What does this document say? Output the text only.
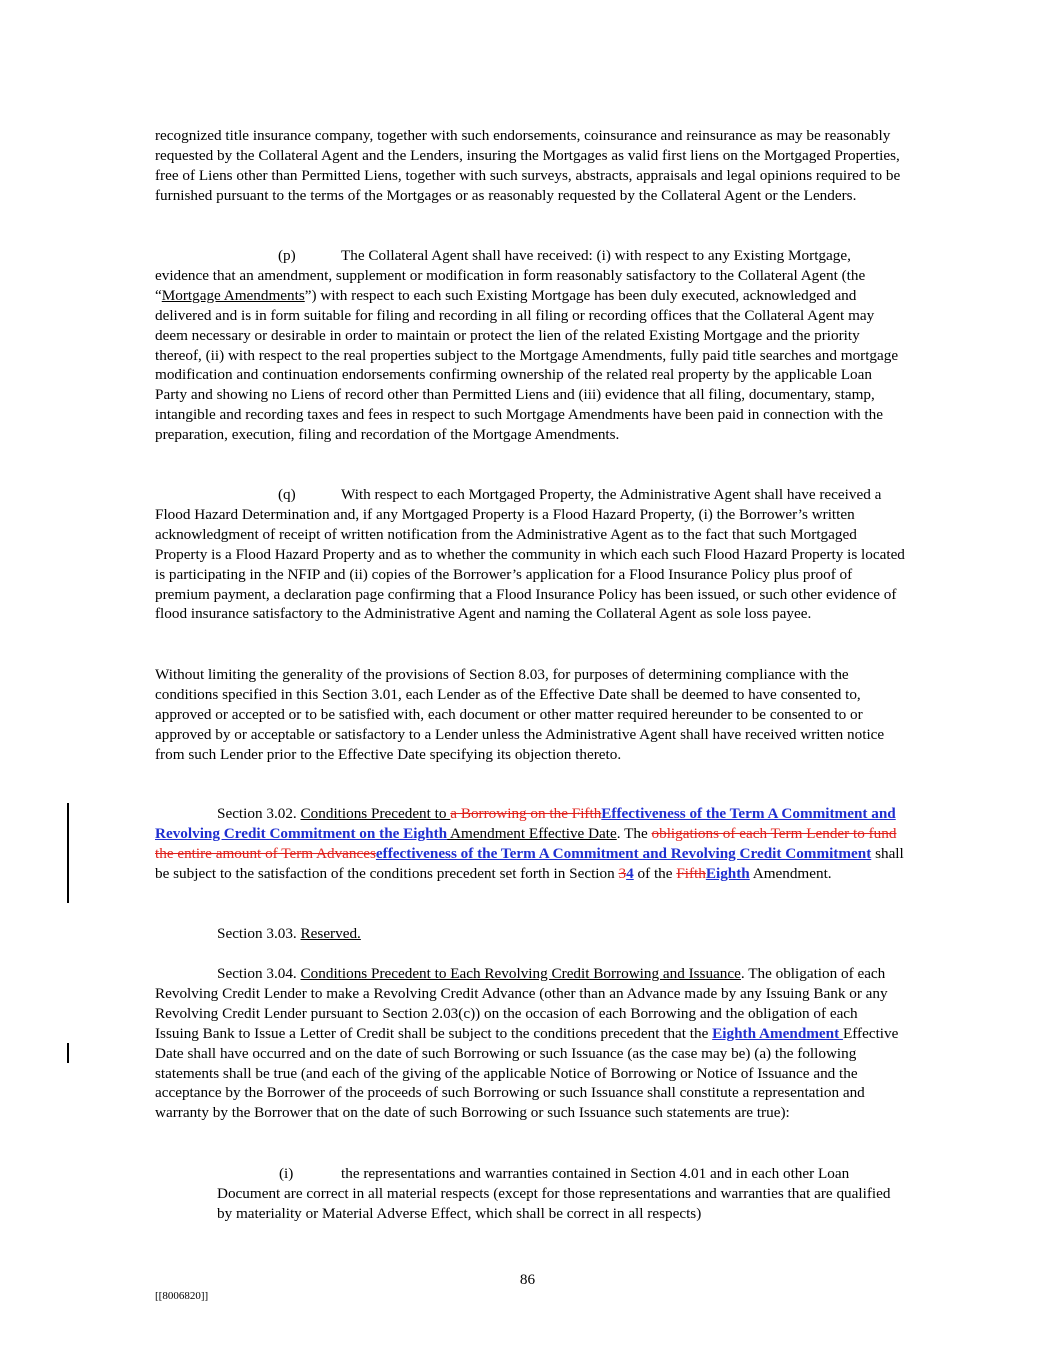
recognized title insurance company, together with such endorsements, coinsurance and reinsurance as may be reasonably requested by the Collateral Agent and the Lenders, insuring the Mortgages as valid first liens on the Mortgaged Properties, free of Liens other than Permitted Liens, together with such surveys, abstracts, appraisals and legal opinions required to be furnished pursuant to the terms of the Mortgages or as reasonably requested by the Collateral Agent or the Lenders.

(p)	The Collateral Agent shall have received: (i) with respect to any Existing Mortgage, evidence that an amendment, supplement or modification in form reasonably satisfactory to the Collateral Agent (the “Mortgage Amendments”) with respect to each such Existing Mortgage has been duly executed, acknowledged and delivered and is in form suitable for filing and recording in all filing or recording offices that the Collateral Agent may deem necessary or desirable in order to maintain or protect the lien of the related Existing Mortgage and the priority thereof, (ii) with respect to the real properties subject to the Mortgage Amendments, fully paid title searches and mortgage modification and continuation endorsements confirming ownership of the related real property by the applicable Loan Party and showing no Liens of record other than Permitted Liens and (iii) evidence that all filing, documentary, stamp, intangible and recording taxes and fees in respect to such Mortgage Amendments have been paid in connection with the preparation, execution, filing and recordation of the Mortgage Amendments.

(q)	With respect to each Mortgaged Property, the Administrative Agent shall have received a Flood Hazard Determination and, if any Mortgaged Property is a Flood Hazard Property, (i) the Borrower’s written acknowledgment of receipt of written notification from the Administrative Agent as to the fact that such Mortgaged Property is a Flood Hazard Property and as to whether the community in which each such Flood Hazard Property is located is participating in the NFIP and (ii) copies of the Borrower’s application for a Flood Insurance Policy plus proof of premium payment, a declaration page confirming that a Flood Insurance Policy has been issued, or such other evidence of flood insurance satisfactory to the Administrative Agent and naming the Collateral Agent as sole loss payee.

Without limiting the generality of the provisions of Section 8.03, for purposes of determining compliance with the conditions specified in this Section 3.01, each Lender as of the Effective Date shall be deemed to have consented to, approved or accepted or to be satisfied with, each document or other matter required hereunder to be consented to or approved by or acceptable or satisfactory to a Lender unless the Administrative Agent shall have received written notice from such Lender prior to the Effective Date specifying its objection thereto.

Section 3.02. Conditions Precedent to a Borrowing on the FifthEffectiveness of the Term A Commitment and Revolving Credit Commitment on the Eighth Amendment Effective Date. The obligations of each Term Lender to fund the entire amount of Term Advanceseffectiveness of the Term A Commitment and Revolving Credit Commitment shall be subject to the satisfaction of the conditions precedent set forth in Section 34 of the FifthEighth Amendment.

Section 3.03. Reserved.

Section 3.04. Conditions Precedent to Each Revolving Credit Borrowing and Issuance. The obligation of each Revolving Credit Lender to make a Revolving Credit Advance (other than an Advance made by any Issuing Bank or any Revolving Credit Lender pursuant to Section 2.03(c)) on the occasion of each Borrowing and the obligation of each Issuing Bank to Issue a Letter of Credit shall be subject to the conditions precedent that the Eighth Amendment Effective Date shall have occurred and on the date of such Borrowing or such Issuance (as the case may be) (a) the following statements shall be true (and each of the giving of the applicable Notice of Borrowing or Notice of Issuance and the acceptance by the Borrower of the proceeds of such Borrowing or such Issuance shall constitute a representation and warranty by the Borrower that on the date of such Borrowing or such Issuance such statements are true):

(i)	the representations and warranties contained in Section 4.01 and in each other Loan Document are correct in all material respects (except for those representations and warranties that are qualified by materiality or Material Adverse Effect, which shall be correct in all respects)

86
[[8006820]]
